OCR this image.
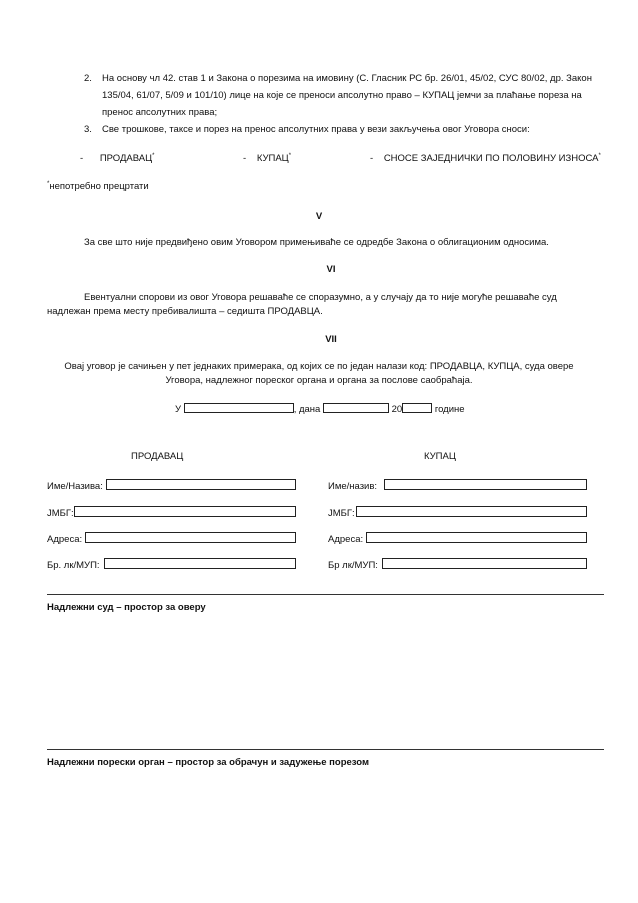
2. На основу чл 42. став 1 и Закона о порезима на имовину (С. Гласник РС бр. 26/01, 45/02, СУС 80/02, др. Закон
135/04, 61/07, 5/09 и 101/10) лице на које се преноси апсолутно право – КУПАЦ јемчи за плаћање пореза на
пренос апсолутних права;
3. Све трошкове, таксе и порез на пренос апсолутних права у вези закључења овог Уговора сноси:
- ПРОДАВАЦ*	- КУПАЦ*	- СНОСЕ ЗАЈЕДНИЧКИ ПО ПОЛОВИНУ ИЗНОСА*
*непотребно прецртати
V
За све што није предвиђено овим Уговором примењиваће се одредбе Закона о облигационим односима.
VI
Евентуални спорови из овог Уговора решаваће се споразумно, а у случају да то није могуће решаваће суд
надлежан према месту пребивалишта – седишта ПРОДАВЦА.
VII
Овај уговор је сачињен у пет једнаких примерака, од којих се по један налази код: ПРОДАВЦА, КУПЦА, суда овере
Уговора, надлежног пореског органа и органа за послове саобраћаја.
У	, дана	20	године
ПРОДАВАЦ	КУПАЦ
Име/Назива:
ЈМБГ:
Адреса:
Бр. лк/МУП:
Име/назив:
ЈМБГ:
Адреса:
Бр лк/МУП:
Надлежни суд – простор за оверу
Надлежни порески орган – простор за обрачун и задужење порезом
